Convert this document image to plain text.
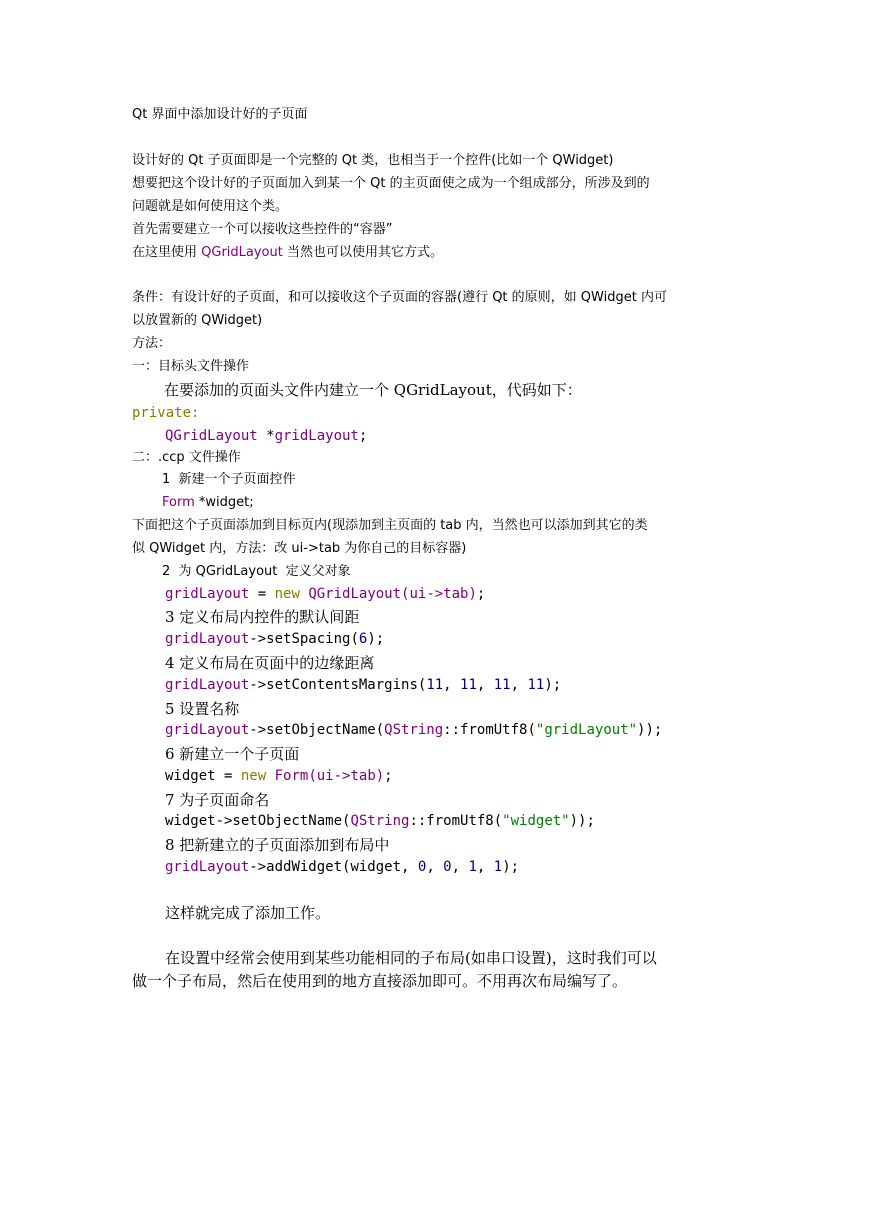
Qt 界面中添加设计好的子页面
设计好的 Qt 子页面即是一个完整的 Qt 类，也相当于一个控件(比如一个 QWidget)
想要把这个设计好的子页面加入到某一个 Qt 的主页面使之成为一个组成部分，所涉及到的
问题就是如何使用这个类。
首先需要建立一个可以接收这些控件的“容器”
在这里使用 QGridLayout 当然也可以使用其它方式。
条件：有设计好的子页面，和可以接收这个子页面的容器(遵行 Qt 的原则，如 QWidget 内可
以放置新的 QWidget)
方法：
一：目标头文件操作
在要添加的页面头文件内建立一个 QGridLayout，代码如下：
private:
QGridLayout *gridLayout;
二：.ccp 文件操作
1  新建一个子页面控件
Form *widget;
下面把这个子页面添加到目标页内(现添加到主页面的 tab 内，当然也可以添加到其它的类
似 QWidget 内，方法：改 ui->tab 为你自己的目标容器)
2  为 QGridLayout  定义父对象
gridLayout = new QGridLayout(ui->tab);
3 定义布局内控件的默认间距
gridLayout->setSpacing(6);
4 定义布局在页面中的边缘距离
gridLayout->setContentsMargins(11, 11, 11, 11);
5 设置名称
gridLayout->setObjectName(QString::fromUtf8("gridLayout"));
6 新建立一个子页面
widget = new Form(ui->tab);
7 为子页面命名
widget->setObjectName(QString::fromUtf8("widget"));
8 把新建立的子页面添加到布局中
gridLayout->addWidget(widget, 0, 0, 1, 1);
这样就完成了添加工作。
在设置中经常会使用到某些功能相同的子布局(如串口设置)，这时我们可以
做一个子布局，然后在使用到的地方直接添加即可。不用再次布局编写了。
